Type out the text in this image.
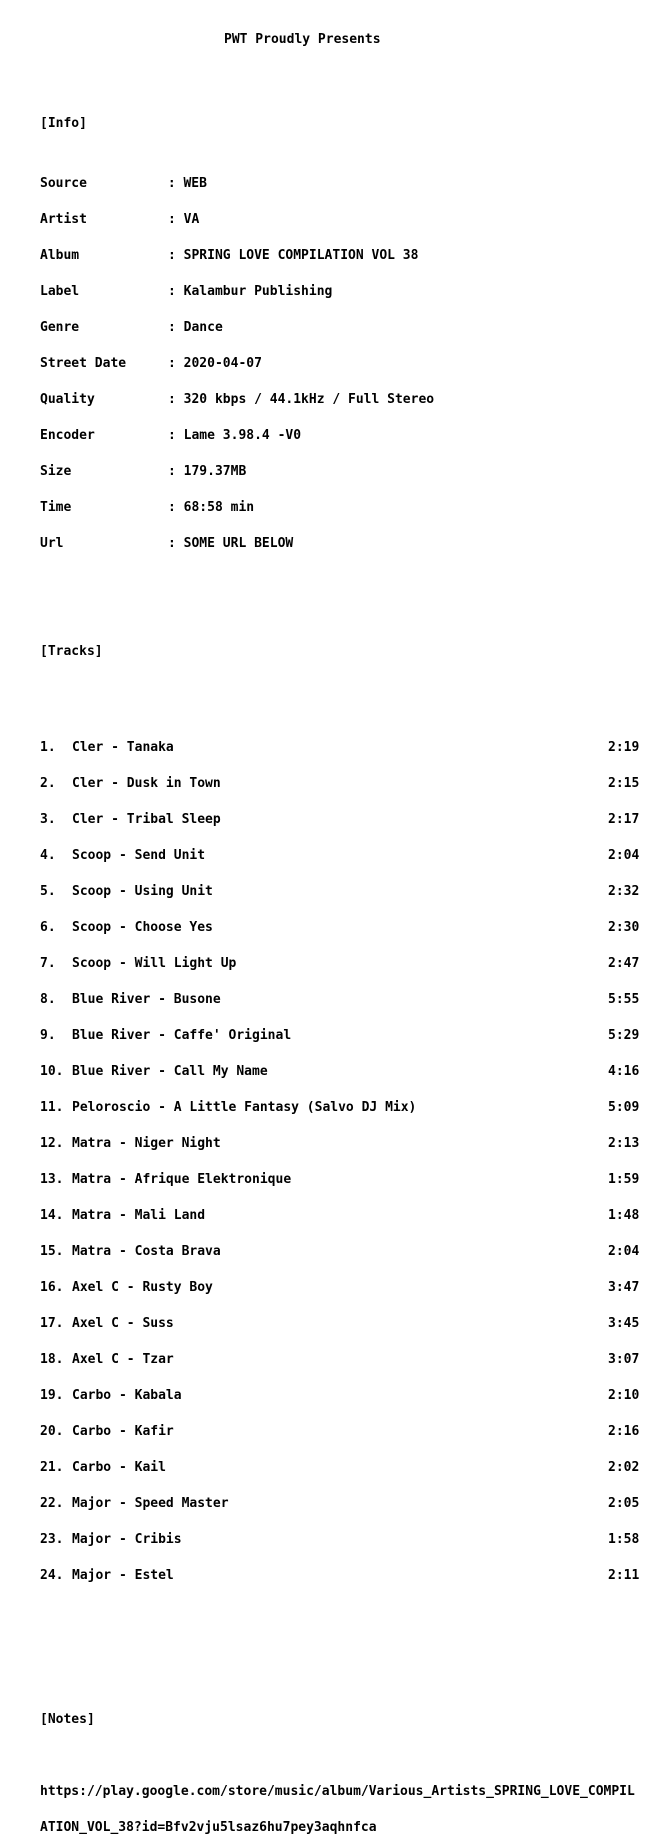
PWT Proudly Presents

[Info]

Source	: WEB

Artist	: VA

Album	: SPRING LOVE COMPILATION VOL 38

Label	: Kalambur Publishing

Genre	: Dance

Street Date	: 2020-04-07

Quality	: 320 kbps / 44.1kHz / Full Stereo

Encoder	: Lame 3.98.4 -V0

Size	: 179.37MB

Time	: 68:58 min

Url	: SOME URL BELOW

[Tracks]

1.	Cler - Tanaka	2:19

2.	Cler - Dusk in Town	2:15

3.	Cler - Tribal Sleep	2:17

4.	Scoop - Send Unit	2:04

5.	Scoop - Using Unit	2:32

6.	Scoop - Choose Yes	2:30

7.	Scoop - Will Light Up	2:47

8.	Blue River - Busone	5:55

9.	Blue River - Caffe' Original	5:29

10. Blue River - Call My Name	4:16

11. Peloroscio - A Little Fantasy (Salvo DJ Mix)	5:09

12. Matra - Niger Night	2:13

13. Matra - Afrique Elektronique	1:59

14. Matra - Mali Land	1:48

15. Matra - Costa Brava	2:04

16. Axel C - Rusty Boy	3:47

17. Axel C - Suss	3:45

18. Axel C - Tzar	3:07

19. Carbo - Kabala	2:10

20. Carbo - Kafir	2:16

21. Carbo - Kail	2:02

22. Major - Speed Master	2:05

23. Major - Cribis	1:58

24. Major - Estel	2:11

[Notes]

https://play.google.com/store/music/album/Various_Artists_SPRING_LOVE_COMPIL

ATION_VOL_38?id=Bfv2vju5lsaz6hu7pey3aqhnfca
